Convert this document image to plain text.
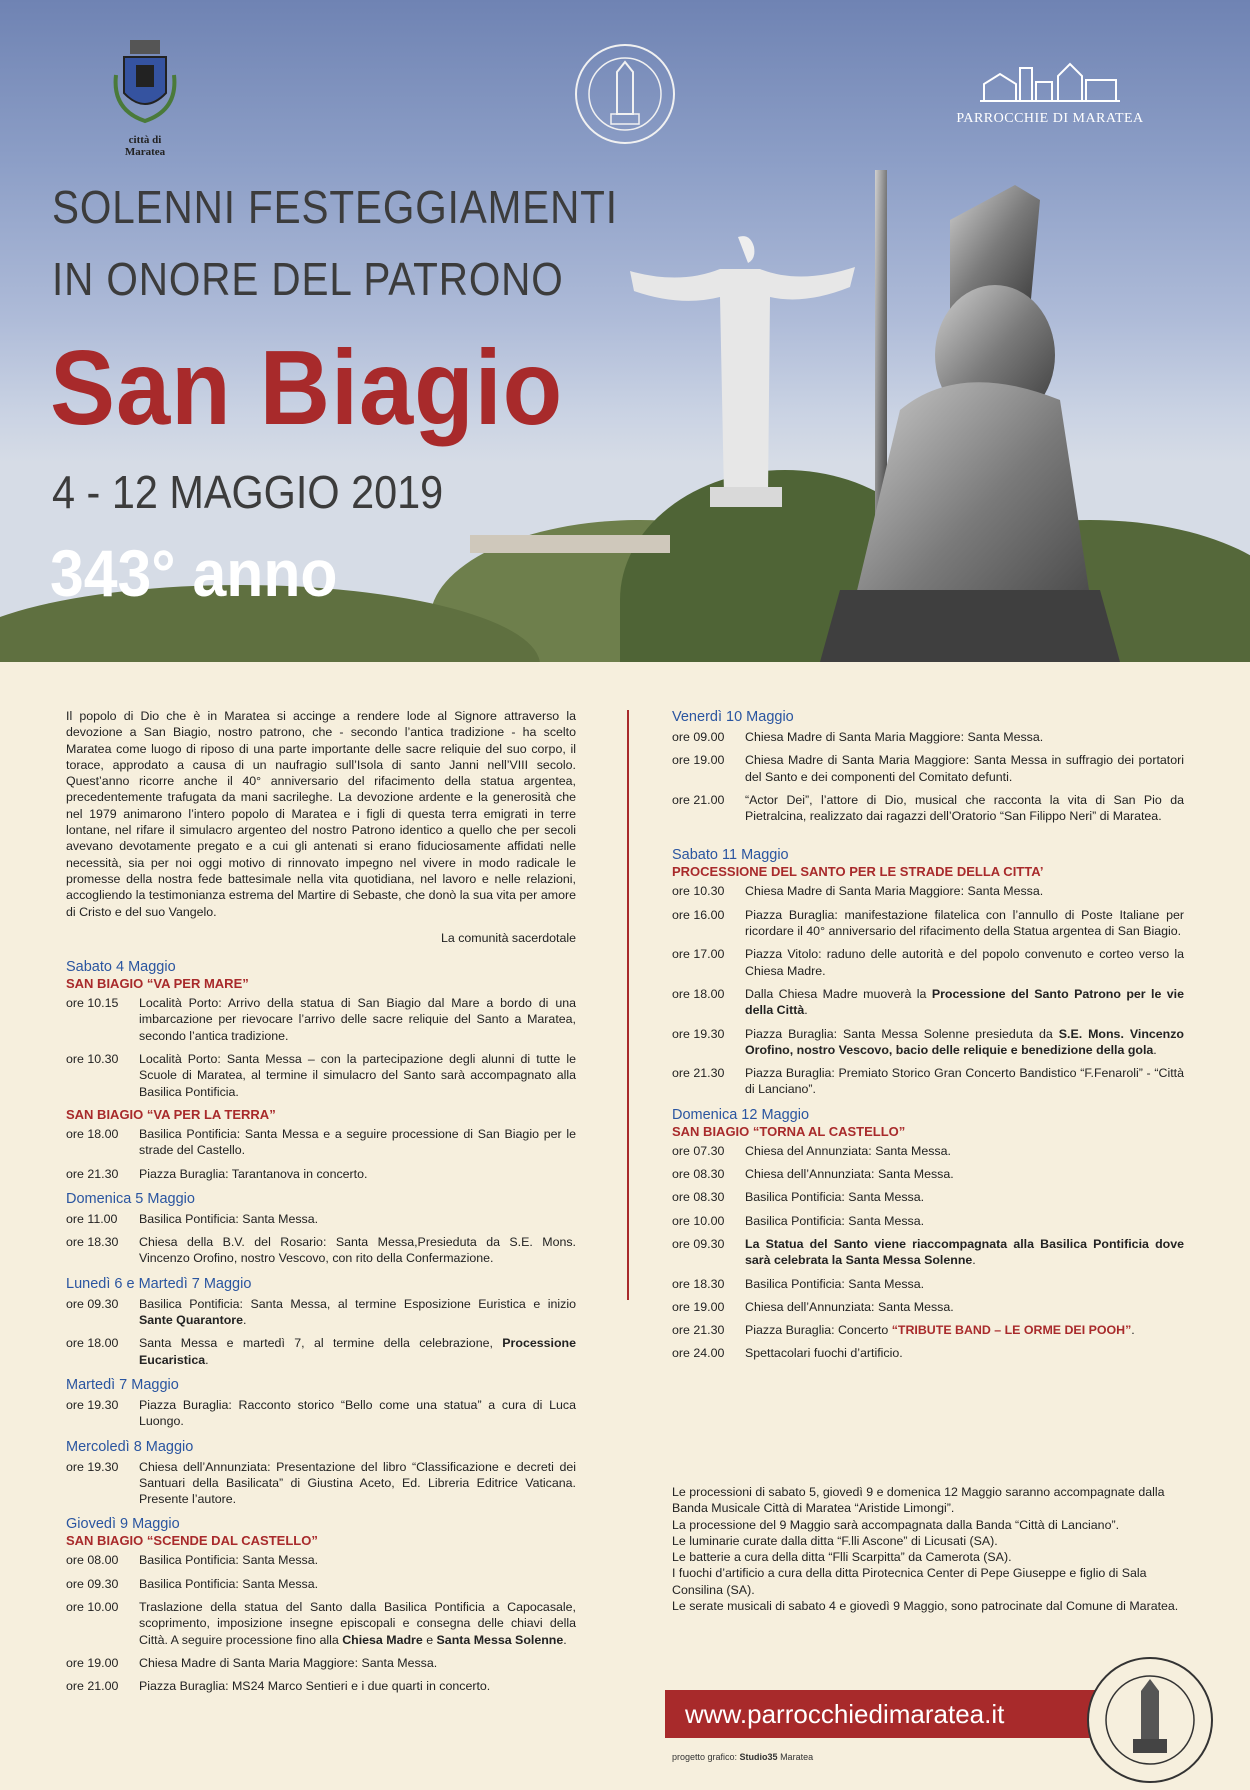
città di Maratea
PARROCCHIE DI MARATEA
SOLENNI FESTEGGIAMENTI
IN ONORE DEL PATRONO
San Biagio
4 - 12 MAGGIO 2019
343° anno

Il popolo di Dio che è in Maratea si accinge a rendere lode al Signore attraverso la devozione a San Biagio, nostro patrono, che - secondo l’antica tradizione - ha scelto Maratea come luogo di riposo di una parte importante delle sacre reliquie del suo corpo, il torace, approdato a causa di un naufragio sull’Isola di santo Janni nell’VIII secolo. Quest’anno ricorre anche il 40° anniversario del rifacimento della statua argentea, precedentemente trafugata da mani sacrileghe. La devozione ardente e la generosità che nel 1979 animarono l’intero popolo di Maratea e i figli di questa terra emigrati in terre lontane, nel rifare il simulacro argenteo del nostro Patrono identico a quello che per secoli avevano devotamente pregato e a cui gli antenati si erano fiduciosamente affidati nelle necessità, sia per noi oggi motivo di rinnovato impegno nel vivere in modo radicale le promesse della nostra fede battesimale nella vita quotidiana, nel lavoro e nelle relazioni, accogliendo la testimonianza estrema del Martire di Sebaste, che donò la sua vita per amore di Cristo e del suo Vangelo.

La comunità sacerdotale
Sabato 4 Maggio
SAN BIAGIO “VA PER MARE”
ore 10.15	Località Porto: Arrivo della statua di San Biagio dal Mare a bordo di una imbarcazione per rievocare l’arrivo delle sacre reliquie del Santo a Maratea, secondo l’antica tradizione.
ore 10.30	Località Porto: Santa Messa – con la partecipazione degli alunni di tutte le Scuole di Maratea, al termine il simulacro del Santo sarà accompagnato alla Basilica Pontificia.
SAN BIAGIO “VA PER LA TERRA”
ore 18.00	Basilica Pontificia: Santa Messa e a seguire processione di San Biagio per le strade del Castello.
ore 21.30	Piazza Buraglia: Tarantanova in concerto.
Domenica 5 Maggio
ore 11.00	Basilica Pontificia: Santa Messa.
ore 18.30	Chiesa della B.V. del Rosario: Santa Messa,Presieduta da S.E. Mons. Vincenzo Orofino, nostro Vescovo, con rito della Confermazione.
Lunedì 6 e Martedì 7 Maggio
ore 09.30	Basilica Pontificia: Santa Messa, al termine Esposizione Euristica e inizio Sante Quarantore.
ore 18.00	Santa Messa e martedì 7, al termine della celebrazione, Processione Eucaristica.
Martedì 7 Maggio
ore 19.30	Piazza Buraglia: Racconto storico “Bello come una statua” a cura di Luca Luongo.
Mercoledì 8 Maggio
ore 19.30	Chiesa dell’Annunziata: Presentazione del libro “Classificazione e decreti dei Santuari della Basilicata” di Giustina Aceto, Ed. Libreria Editrice Vaticana. Presente l’autore.
Giovedì 9 Maggio
SAN BIAGIO “SCENDE DAL CASTELLO”
ore 08.00	Basilica Pontificia: Santa Messa.
ore 09.30	Basilica Pontificia: Santa Messa.
ore 10.00	Traslazione della statua del Santo dalla Basilica Pontificia a Capocasale, scoprimento, imposizione insegne episcopali e consegna delle chiavi della Città. A seguire processione fino alla Chiesa Madre e Santa Messa Solenne.
ore 19.00	Chiesa Madre di Santa Maria Maggiore: Santa Messa.
ore 21.00	Piazza Buraglia: MS24 Marco Sentieri e i due quarti in concerto.
Venerdì 10 Maggio
ore 09.00	Chiesa Madre di Santa Maria Maggiore: Santa Messa.
ore 19.00	Chiesa Madre di Santa Maria Maggiore: Santa Messa in suffragio dei portatori del Santo e dei componenti del Comitato defunti.
ore 21.00	“Actor Dei”, l’attore di Dio, musical che racconta la vita di San Pio da Pietralcina, realizzato dai ragazzi dell’Oratorio “San Filippo Neri” di Maratea.
Sabato 11 Maggio
PROCESSIONE DEL SANTO PER LE STRADE DELLA CITTA’
ore 10.30	Chiesa Madre di Santa Maria Maggiore: Santa Messa.
ore 16.00	Piazza Buraglia: manifestazione filatelica con l’annullo di Poste Italiane per ricordare il 40° anniversario del rifacimento della Statua argentea di San Biagio.
ore 17.00	Piazza Vitolo: raduno delle autorità e del popolo convenuto e corteo verso la Chiesa Madre.
ore 18.00	Dalla Chiesa Madre muoverà la Processione del Santo Patrono per le vie della Città.
ore 19.30	Piazza Buraglia: Santa Messa Solenne presieduta da S.E. Mons. Vincenzo Orofino, nostro Vescovo, bacio delle reliquie e benedizione della gola.
ore 21.30	Piazza Buraglia: Premiato Storico Gran Concerto Bandistico “F.Fenaroli” - “Città di Lanciano”.
Domenica 12 Maggio
SAN BIAGIO “TORNA AL CASTELLO”
ore 07.30	Chiesa del Annunziata: Santa Messa.
ore 08.30	Chiesa dell’Annunziata: Santa Messa.
ore 08.30	Basilica Pontificia: Santa Messa.
ore 10.00	Basilica Pontificia: Santa Messa.
ore 09.30	La Statua del Santo viene riaccompagnata alla Basilica Pontificia dove sarà celebrata la Santa Messa Solenne.
ore 18.30	Basilica Pontificia: Santa Messa.
ore 19.00	Chiesa dell’Annunziata: Santa Messa.
ore 21.30	Piazza Buraglia: Concerto “TRIBUTE BAND – LE ORME DEI POOH”.
ore 24.00	Spettacolari fuochi d’artificio.

Le processioni di sabato 5, giovedì 9 e domenica 12 Maggio saranno accompagnate dalla Banda Musicale Città di Maratea “Aristide Limongi”.

La processione del 9 Maggio sarà accompagnata dalla Banda “Città di Lanciano”.

Le luminarie curate dalla ditta “F.lli Ascone” di Licusati (SA).

Le batterie a cura della ditta “Flli Scarpitta” da Camerota (SA).

I fuochi d’artificio a cura della ditta Pirotecnica Center di Pepe Giuseppe e figlio di Sala Consilina (SA).

Le serate musicali di sabato 4 e giovedì 9 Maggio, sono patrocinate dal Comune di Maratea.

www.parrocchiedimaratea.it
progetto grafico: Studio35 Maratea
